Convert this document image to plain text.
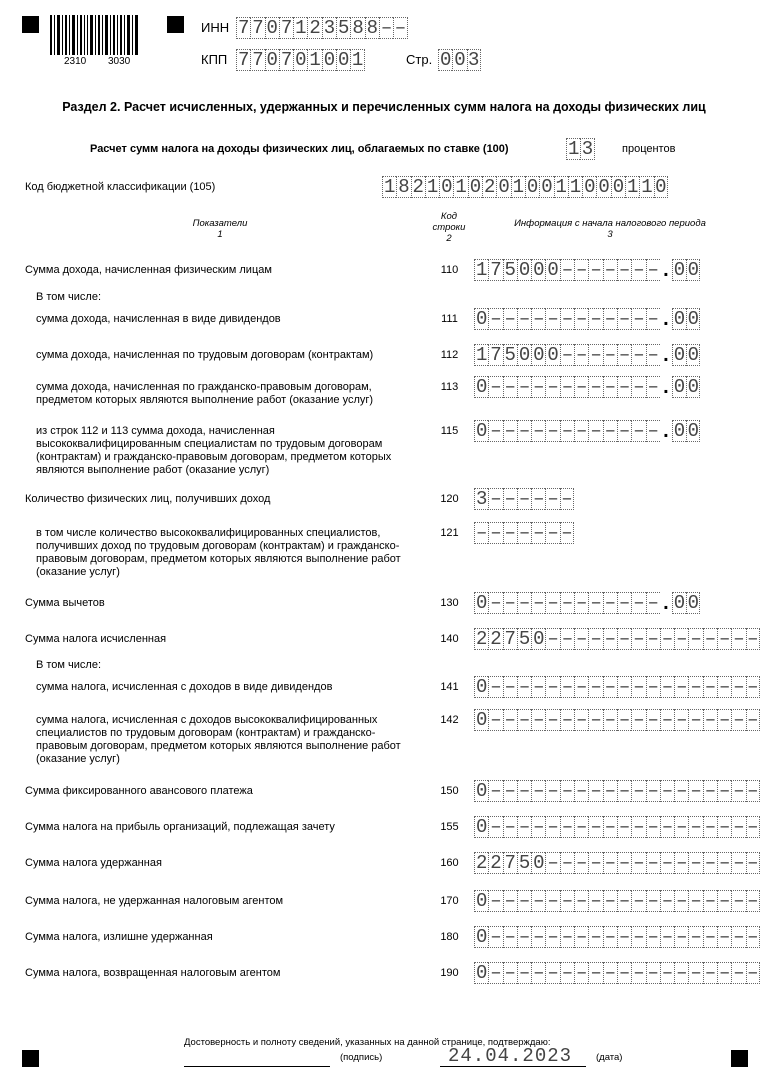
2310 3030
ИНН 7 7 0 7 1 2 3 5 8 8 – –
КПП 7 7 0 7 0 1 0 0 1	Стр. 0 0 3
Раздел 2. Расчет исчисленных, удержанных и перечисленных сумм налога на доходы физических лиц
Расчет сумм налога на доходы физических лиц, облагаемых по ставке (100)	1 3	процентов
Код бюджетной классификации (105)	1 8 2 1 0 1 0 2 0 1 0 0 1 1 0 0 0 1 1 0
Показатели
1
Код
строки
2
Информация с начала налогового периода
3
Сумма дохода, начисленная физическим лицам	110 1 7 5 0 0 0 – – – – – – – . 0 0
В том числе:
сумма дохода, начисленная в виде дивидендов	111 0 – – – – – – – – – – – – . 0 0
сумма дохода, начисленная по трудовым договорам (контрактам)	112 1 7 5 0 0 0 – – – – – – – . 0 0
сумма дохода, начисленная по гражданско-правовым договорам, предметом которых являются выполнение работ (оказание услуг)
113 0 – – – – – – – – – – – – . 0 0
из строк 112 и 113 сумма дохода, начисленная высококвалифицированным специалистам по трудовым договорам (контрактам) и гражданско-правовым договорам, предметом которых являются выполнение работ (оказание услуг)
115 0 – – – – – – – – – – – – . 0 0
Количество физических лиц, получивших доход	120 3 – – – – – –
в том числе количество высококвалифицированных специалистов, получивших доход по трудовым договорам (контрактам) и гражданско-правовым договорам, предметом которых являются выполнение работ (оказание услуг)
121 – – – – – – –
Сумма вычетов	130 0 – – – – – – – – – – – – . 0 0
Сумма налога исчисленная	140 2 2 7 5 0 – – – – – – – – – – – – – – –
В том числе:
сумма налога, исчисленная с доходов в виде дивидендов	141 0 – – – – – – – – – – – – – – – – – – –
сумма налога, исчисленная с доходов высококвалифицированных специалистов по трудовым договорам (контрактам) и гражданско-правовым договорам, предметом которых являются выполнение работ (оказание услуг)
142 0 – – – – – – – – – – – – – – – – – – –
Сумма фиксированного авансового платежа	150 0 – – – – – – – – – – – – – – – – – – –
Сумма налога на прибыль организаций, подлежащая зачету	155 0 – – – – – – – – – – – – – – – – – – –
Сумма налога удержанная	160 2 2 7 5 0 – – – – – – – – – – – – – – –
Сумма налога, не удержанная налоговым агентом	170 0 – – – – – – – – – – – – – – – – – – –
Сумма налога, излишне удержанная	180 0 – – – – – – – – – – – – – – – – – – –
Сумма налога, возвращенная налоговым агентом	190 0 – – – – – – – – – – – – – – – – – – –
Достоверность и полноту сведений, указанных на данной странице, подтверждаю:
(подпись)	24.04.2023	(дата)
